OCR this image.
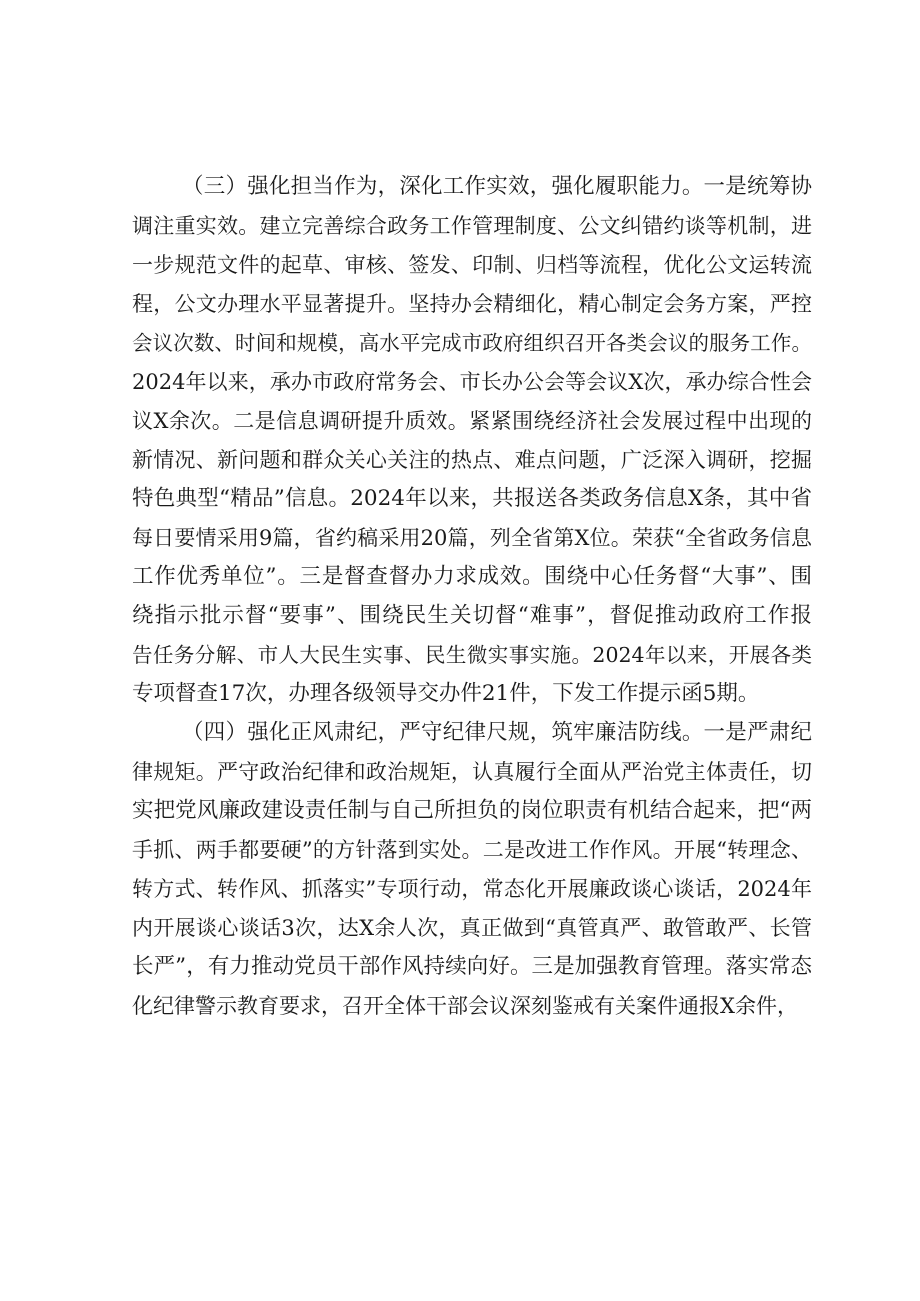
（三）强化担当作为，深化工作实效，强化履职能力。一是统筹协
调注重实效。建立完善综合政务工作管理制度、公文纠错约谈等机制，进
一步规范文件的起草、审核、签发、印制、归档等流程，优化公文运转流
程，公文办理水平显著提升。坚持办会精细化，精心制定会务方案，严控
会议次数、时间和规模，高水平完成市政府组织召开各类会议的服务工作。
2024年以来，承办市政府常务会、市长办公会等会议X次，承办综合性会
议X余次。二是信息调研提升质效。紧紧围绕经济社会发展过程中出现的
新情况、新问题和群众关心关注的热点、难点问题，广泛深入调研，挖掘
特色典型“精品”信息。2024年以来，共报送各类政务信息X条，其中省
每日要情采用9篇，省约稿采用20篇，列全省第X位。荣获“全省政务信息
工作优秀单位”。三是督查督办力求成效。围绕中心任务督“大事”、围
绕指示批示督“要事”、围绕民生关切督“难事”，督促推动政府工作报
告任务分解、市人大民生实事、民生微实事实施。2024年以来，开展各类
专项督查17次，办理各级领导交办件21件，下发工作提示函5期。
（四）强化正风肃纪，严守纪律尺规，筑牢廉洁防线。一是严肃纪
律规矩。严守政治纪律和政治规矩，认真履行全面从严治党主体责任，切
实把党风廉政建设责任制与自己所担负的岗位职责有机结合起来，把“两
手抓、两手都要硬”的方针落到实处。二是改进工作作风。开展“转理念、
转方式、转作风、抓落实”专项行动，常态化开展廉政谈心谈话，2024年
内开展谈心谈话3次，达X余人次，真正做到“真管真严、敢管敢严、长管
长严”，有力推动党员干部作风持续向好。三是加强教育管理。落实常态
化纪律警示教育要求，召开全体干部会议深刻鉴戒有关案件通报X余件，
